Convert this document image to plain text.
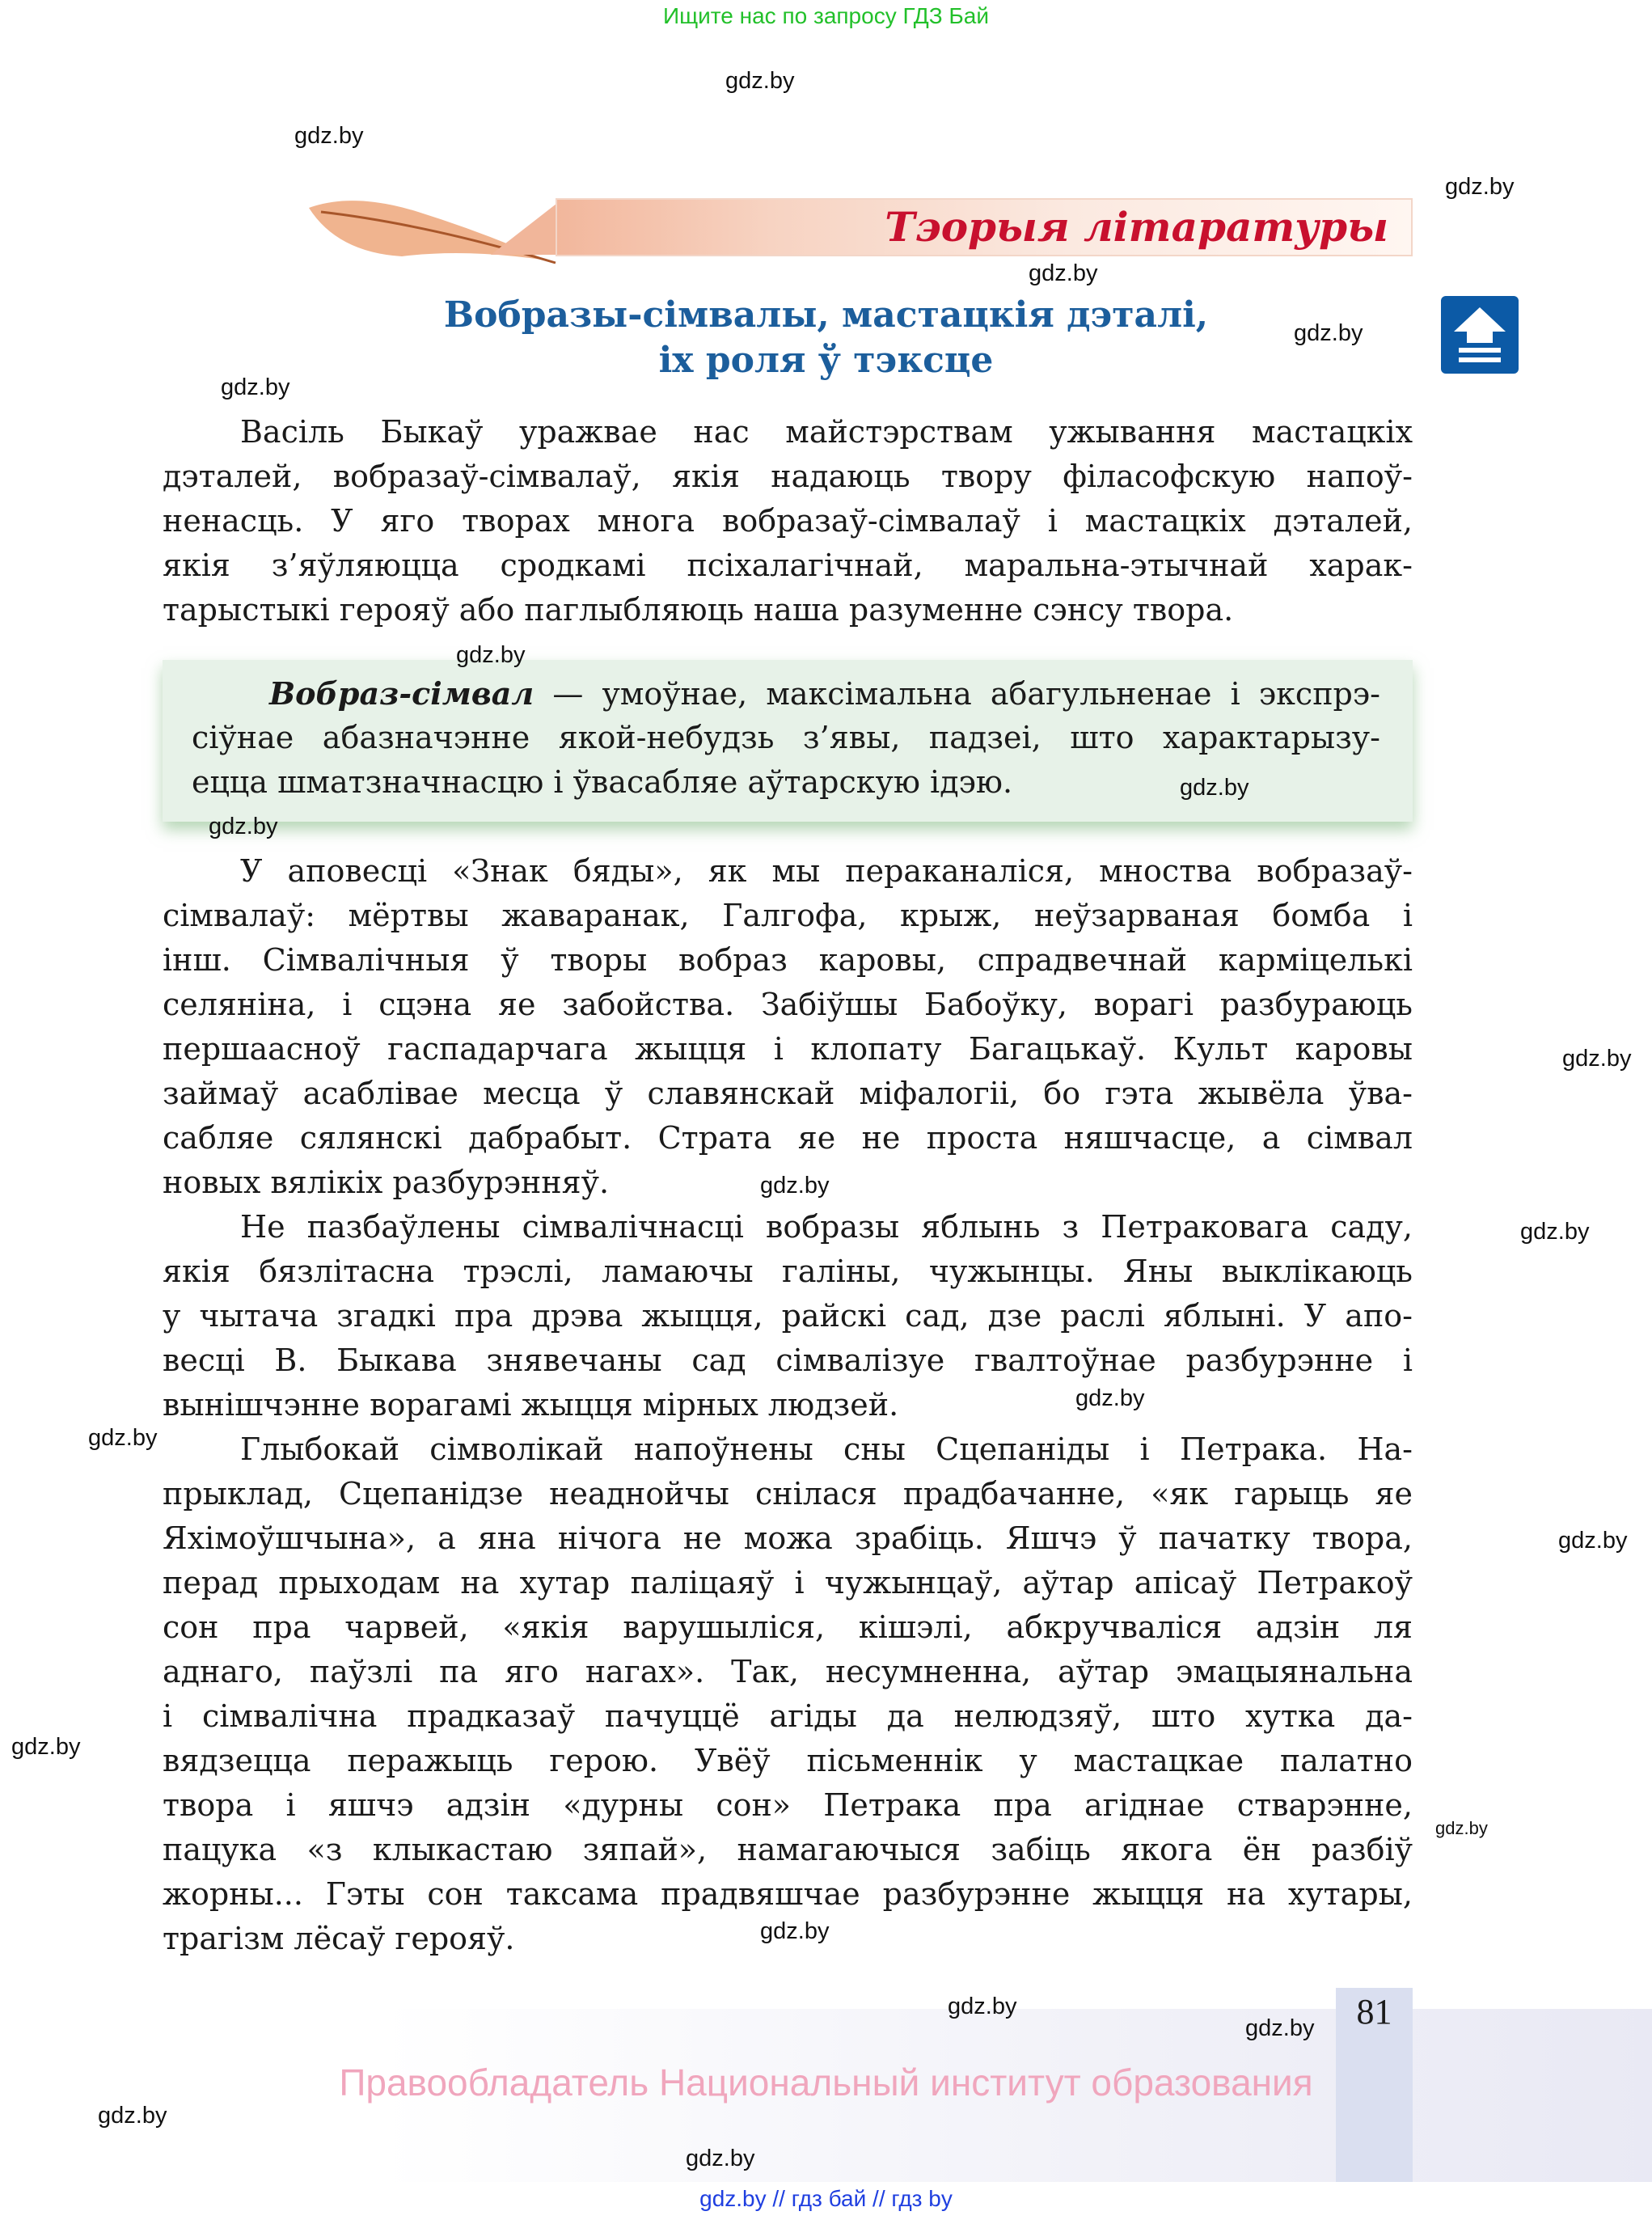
Ищите нас по запросу ГДЗ Бай
Тэорыя літаратуры
Вобразы-сімвалы, мастацкія дэталі,
іх роля ў тэксце
Васіль Быкаў уражвае нас майстэрствам ужывання мастацкіх
дэталей, вобразаў-сімвалаў, якія надаюць твору філасофскую напоў-
ненасць. У яго творах многа вобразаў-сімвалаў і мастацкіх дэталей,
якія з’яўляюцца сродкамі псіхалагічнай, маральна-этычнай харак-
тарыстыкі герояў або паглыбляюць наша разуменне сэнсу твора.
Вобраз-сімвал — умоўнае, максімальна абагульненае і экспрэ-
сіўнае абазначэнне якой-небудзь з’явы, падзеі, што характарызу-
ецца шматзначнасцю і ўвасабляе аўтарскую ідэю.
У аповесці «Знак бяды», як мы пераканаліся, мноства вобразаў-
сімвалаў: мёртвы жаваранак, Галгофа, крыж, неўзарваная бомба і
інш. Сімвалічныя ў творы вобраз каровы, спрадвечнай карміцелькі
селяніна, і сцэна яе забойства. Забіўшы Бабоўку, ворагі разбураюць
першаасноў гаспадарчага жыцця і клопату Багацькаў. Культ каровы
займаў асаблівае месца ў славянскай міфалогіі, бо гэта жывёла ўва-
сабляе сялянскі дабрабыт. Страта яе не проста няшчасце, а сімвал
новых вялікіх разбурэнняў.
Не пазбаўлены сімвалічнасці вобразы яблынь з Петраковага саду,
якія бязлітасна трэслі, ламаючы галіны, чужынцы. Яны выклікаюць
у чытача згадкі пра дрэва жыцця, райскі сад, дзе раслі яблыні. У апо-
весці В. Быкава знявечаны сад сімвалізуе гвалтоўнае разбурэнне і
вынішчэнне ворагамі жыцця мірных людзей.
Глыбокай сімволікай напоўнены сны Сцепаніды і Петрака. На-
прыклад, Сцепанідзе неаднойчы снілася прадбачанне, «як гарыць яе
Яхімоўшчына», а яна нічога не можа зрабіць. Яшчэ ў пачатку твора,
перад прыходам на хутар паліцаяў і чужынцаў, аўтар апісаў Петракоў
сон пра чарвей, «якія варушыліся, кішэлі, абкручваліся адзін ля
аднаго, паўзлі па яго нагах». Так, несумненна, аўтар эмацыянальна
і сімвалічна прадказаў пачуццё агіды да нелюдзяў, што хутка да-
вядзецца перажыць герою. Увёў пісьменнік у мастацкае палатно
твора і яшчэ адзін «дурны сон» Петрака пра агіднае стварэнне,
пацука «з клыкастаю зяпай», намагаючыся забіць якога ён разбіў
жорны... Гэты сон таксама прадвяшчае разбурэнне жыцця на хутары,
трагізм лёсаў герояў.
81
Правообладатель Национальный институт образования
gdz.by // гдз бай // гдз by
gdz.by
gdz.by
gdz.by
gdz.by
gdz.by
gdz.by
gdz.by
gdz.by
gdz.by
gdz.by
gdz.by
gdz.by
gdz.by
gdz.by
gdz.by
gdz.by
gdz.by
gdz.by
gdz.by
gdz.by
gdz.by
gdz.by
